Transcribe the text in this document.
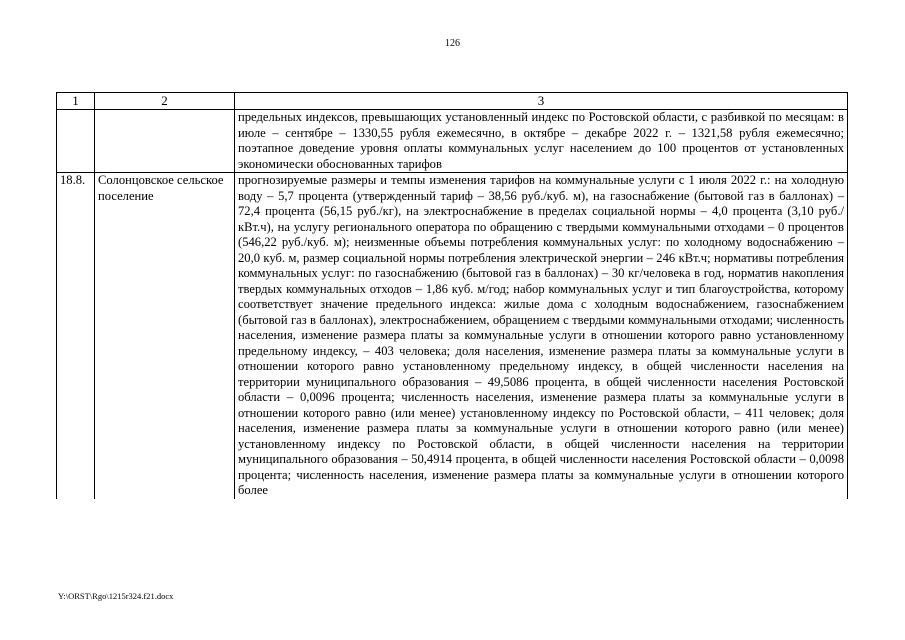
126
1	2	3
		предельных индексов, превышающих установленный индекс по Ростовской области, с разбивкой по месяцам: в июле – сентябре – 1330,55 рубля ежемесячно, в октябре – декабре 2022 г. – 1321,58 рубля ежемесячно; поэтапное доведение уровня оплаты коммунальных услуг населением до 100 процентов от установленных экономически обоснованных тарифов
18.8.	Солонцовское сельское поселение	прогнозируемые размеры и темпы изменения тарифов на коммунальные услуги с 1 июля 2022 г.: на холодную воду – 5,7 процента (утвержденный тариф – 38,56 руб./куб. м), на газоснабжение (бытовой газ в баллонах) – 72,4 процента (56,15 руб./кг), на электроснабжение в пределах социальной нормы – 4,0 процента (3,10 руб./кВт.ч), на услугу регионального оператора по обращению с твердыми коммунальными отходами – 0 процентов (546,22 руб./куб. м); неизменные объемы потребления коммунальных услуг: по холодному водоснабжению – 20,0 куб. м, размер социальной нормы потребления электрической энергии – 246 кВт.ч; нормативы потребления коммунальных услуг: по газоснабжению (бытовой газ в баллонах) – 30 кг/человека в год, норматив накопления твердых коммунальных отходов – 1,86 куб. м/год; набор коммунальных услуг и тип благоустройства, которому соответствует значение предельного индекса: жилые дома с холодным водоснабжением, газоснабжением (бытовой газ в баллонах), электроснабжением, обращением с твердыми коммунальными отходами; численность населения, изменение размера платы за коммунальные услуги в отношении которого равно установленному предельному индексу, – 403 человека; доля населения, изменение размера платы за коммунальные услуги в отношении которого равно установленному предельному индексу, в общей численности населения на территории муниципального образования – 49,5086 процента, в общей численности населения Ростовской области – 0,0096 процента; численность населения, изменение размера платы за коммунальные услуги в отношении которого равно (или менее) установленному индексу по Ростовской области, – 411 человек; доля населения, изменение размера платы за коммунальные услуги в отношении которого равно (или менее) установленному индексу по Ростовской области, в общей численности населения на территории муниципального образования – 50,4914 процента, в общей численности населения Ростовской области – 0,0098 процента; численность населения, изменение размера платы за коммунальные услуги в отношении которого более
Y:\ORST\Rgo\1215r324.f21.docx
